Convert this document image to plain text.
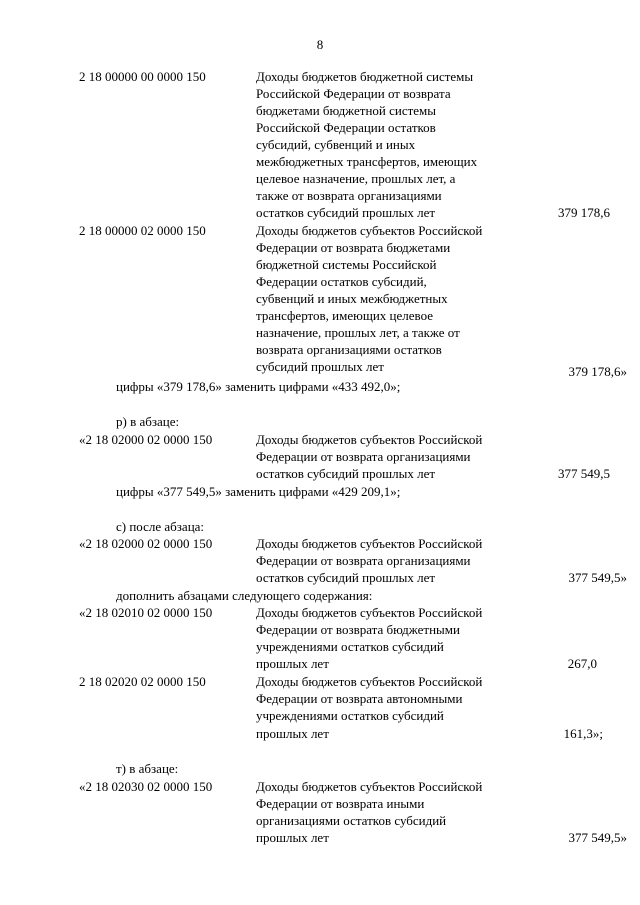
8
2 18 00000 00 0000 150	Доходы бюджетов бюджетной системы
Российской Федерации от возврата
бюджетами бюджетной системы
Российской Федерации остатков
субсидий, субвенций и иных
межбюджетных трансфертов, имеющих
целевое назначение, прошлых лет, а
также от возврата организациями
остатков субсидий прошлых лет	379 178,6
2 18 00000 02 0000 150	Доходы бюджетов субъектов Российской
Федерации от возврата бюджетами
бюджетной системы Российской
Федерации остатков субсидий,
субвенций и иных межбюджетных
трансфертов, имеющих целевое
назначение, прошлых лет, а также от
возврата организациями остатков
субсидий прошлых лет	379 178,6»
цифры «379 178,6» заменить цифрами «433 492,0»;
р) в абзаце:
«2 18 02000 02 0000 150	Доходы бюджетов субъектов Российской
Федерации от возврата организациями
остатков субсидий прошлых лет	377 549,5
цифры «377 549,5» заменить цифрами «429 209,1»;
с) после абзаца:
«2 18 02000 02 0000 150	Доходы бюджетов субъектов Российской
Федерации от возврата организациями
остатков субсидий прошлых лет	377 549,5»
дополнить абзацами следующего содержания:
«2 18 02010 02 0000 150	Доходы бюджетов субъектов Российской
Федерации от возврата бюджетными
учреждениями остатков субсидий
прошлых лет	267,0
2 18 02020 02 0000 150	Доходы бюджетов субъектов Российской
Федерации от возврата автономными
учреждениями остатков субсидий
прошлых лет	161,3»;
т) в абзаце:
«2 18 02030 02 0000 150	Доходы бюджетов субъектов Российской
Федерации от возврата иными
организациями остатков субсидий
прошлых лет	377 549,5»
